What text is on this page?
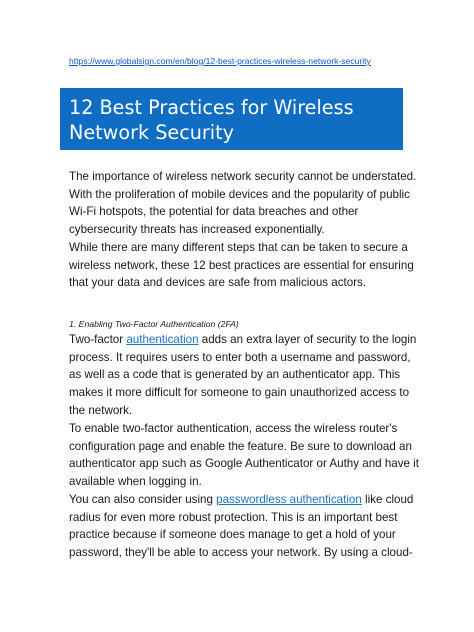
https://www.globalsign.com/en/blog/12-best-practices-wireless-network-security
12 Best Practices for Wireless
Network Security

The importance of wireless network security cannot be understated.
With the proliferation of mobile devices and the popularity of public
Wi-Fi hotspots, the potential for data breaches and other
cybersecurity threats has increased exponentially.

While there are many different steps that can be taken to secure a
wireless network, these 12 best practices are essential for ensuring
that your data and devices are safe from malicious actors.

1. Enabling Two-Factor Authentication (2FA)

Two-factor authentication adds an extra layer of security to the login
process. It requires users to enter both a username and password,
as well as a code that is generated by an authenticator app. This
makes it more difficult for someone to gain unauthorized access to
the network.

To enable two-factor authentication, access the wireless router's
configuration page and enable the feature. Be sure to download an
authenticator app such as Google Authenticator or Authy and have it
available when logging in.

You can also consider using passwordless authentication like cloud
radius for even more robust protection. This is an important best
practice because if someone does manage to get a hold of your
password, they'll be able to access your network. By using a cloud-
